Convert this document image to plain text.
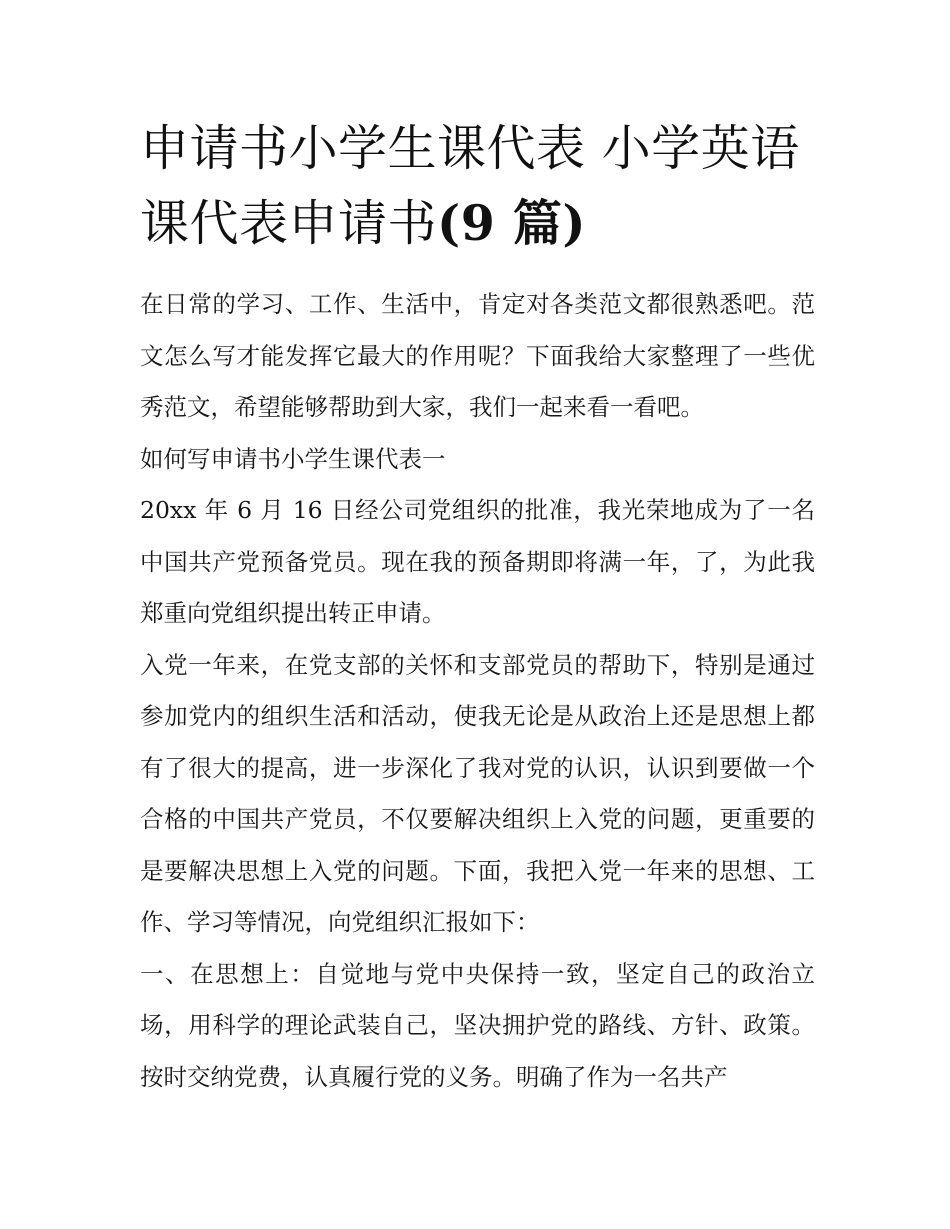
申请书小学生课代表 小学英语课代表申请书(9 篇)

在日常的学习、工作、生活中，肯定对各类范文都很熟悉吧。范文怎么写才能发挥它最大的作用呢？下面我给大家整理了一些优秀范文，希望能够帮助到大家，我们一起来看一看吧。

如何写申请书小学生课代表一

20xx 年 6 月 16 日经公司党组织的批准，我光荣地成为了一名中国共产党预备党员。现在我的预备期即将满一年，了，为此我郑重向党组织提出转正申请。

入党一年来，在党支部的关怀和支部党员的帮助下，特别是通过参加党内的组织生活和活动，使我无论是从政治上还是思想上都有了很大的提高，进一步深化了我对党的认识，认识到要做一个合格的中国共产党员，不仅要解决组织上入党的问题，更重要的是要解决思想上入党的问题。下面，我把入党一年来的思想、工作、学习等情况，向党组织汇报如下：

一、在思想上：自觉地与党中央保持一致，坚定自己的政治立场，用科学的理论武装自己，坚决拥护党的路线、方针、政策。按时交纳党费，认真履行党的义务。明确了作为一名共产
